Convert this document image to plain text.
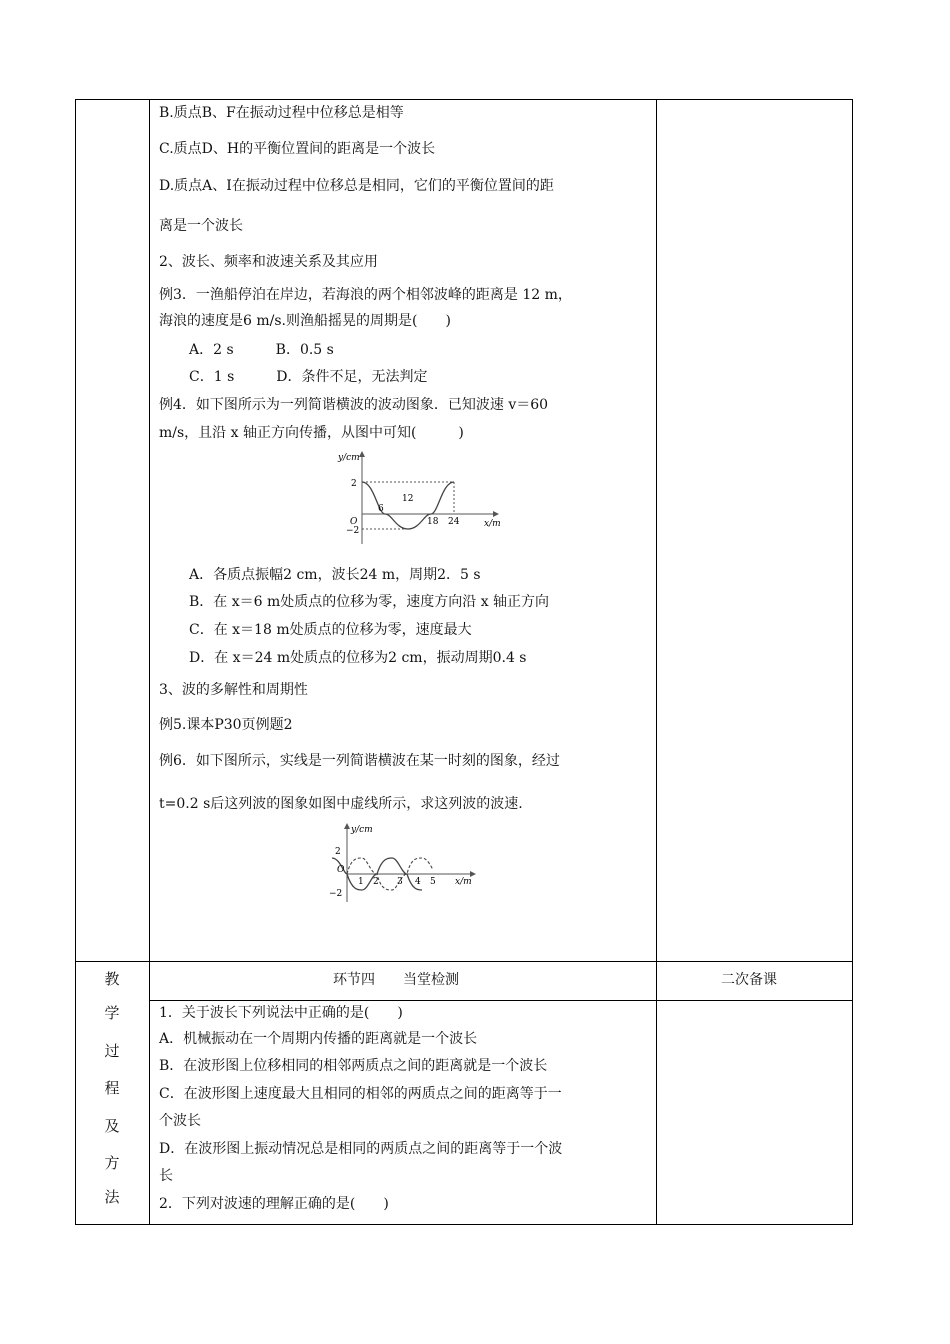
B.质点B、F在振动过程中位移总是相等
C.质点D、H的平衡位置间的距离是一个波长
D.质点A、I在振动过程中位移总是相同，它们的平衡位置间的距
离是一个波长
2、波长、频率和波速关系及其应用
例3．一渔船停泊在岸边，若海浪的两个相邻波峰的距离是 12 m，
海浪的速度是6 m/s.则渔船摇晃的周期是(　　)
A．2 s　　　B．0.5 s
C．1 s　　　D．条件不足，无法判定
例4．如下图所示为一列简谐横波的波动图象．已知波速 v＝60
m/s，且沿 x 轴正方向传播，从图中可知(　　　)
y/cm
x/m
O
2
−2
6
12
18 24
A．各质点振幅2 cm，波长24 m，周期2．5 s
B．在 x＝6 m处质点的位移为零，速度方向沿 x 轴正方向
C．在 x＝18 m处质点的位移为零，速度最大
D．在 x＝24 m处质点的位移为2 cm，振动周期0.4 s
3、波的多解性和周期性
例5.课本P30页例题2
例6．如下图所示，实线是一列简谐横波在某一时刻的图象，经过
t=0.2 s后这列波的图象如图中虚线所示，求这列波的波速.
y/cm
x/m
O
2
−2
1 2 3 4 5
教
学
过
程
及
方
法
环节四　　当堂检测	二次备课
1．关于波长下列说法中正确的是(　　)
A．机械振动在一个周期内传播的距离就是一个波长
B．在波形图上位移相同的相邻两质点之间的距离就是一个波长
C．在波形图上速度最大且相同的相邻的两质点之间的距离等于一
个波长
D．在波形图上振动情况总是相同的两质点之间的距离等于一个波
长
2．下列对波速的理解正确的是(　　)
